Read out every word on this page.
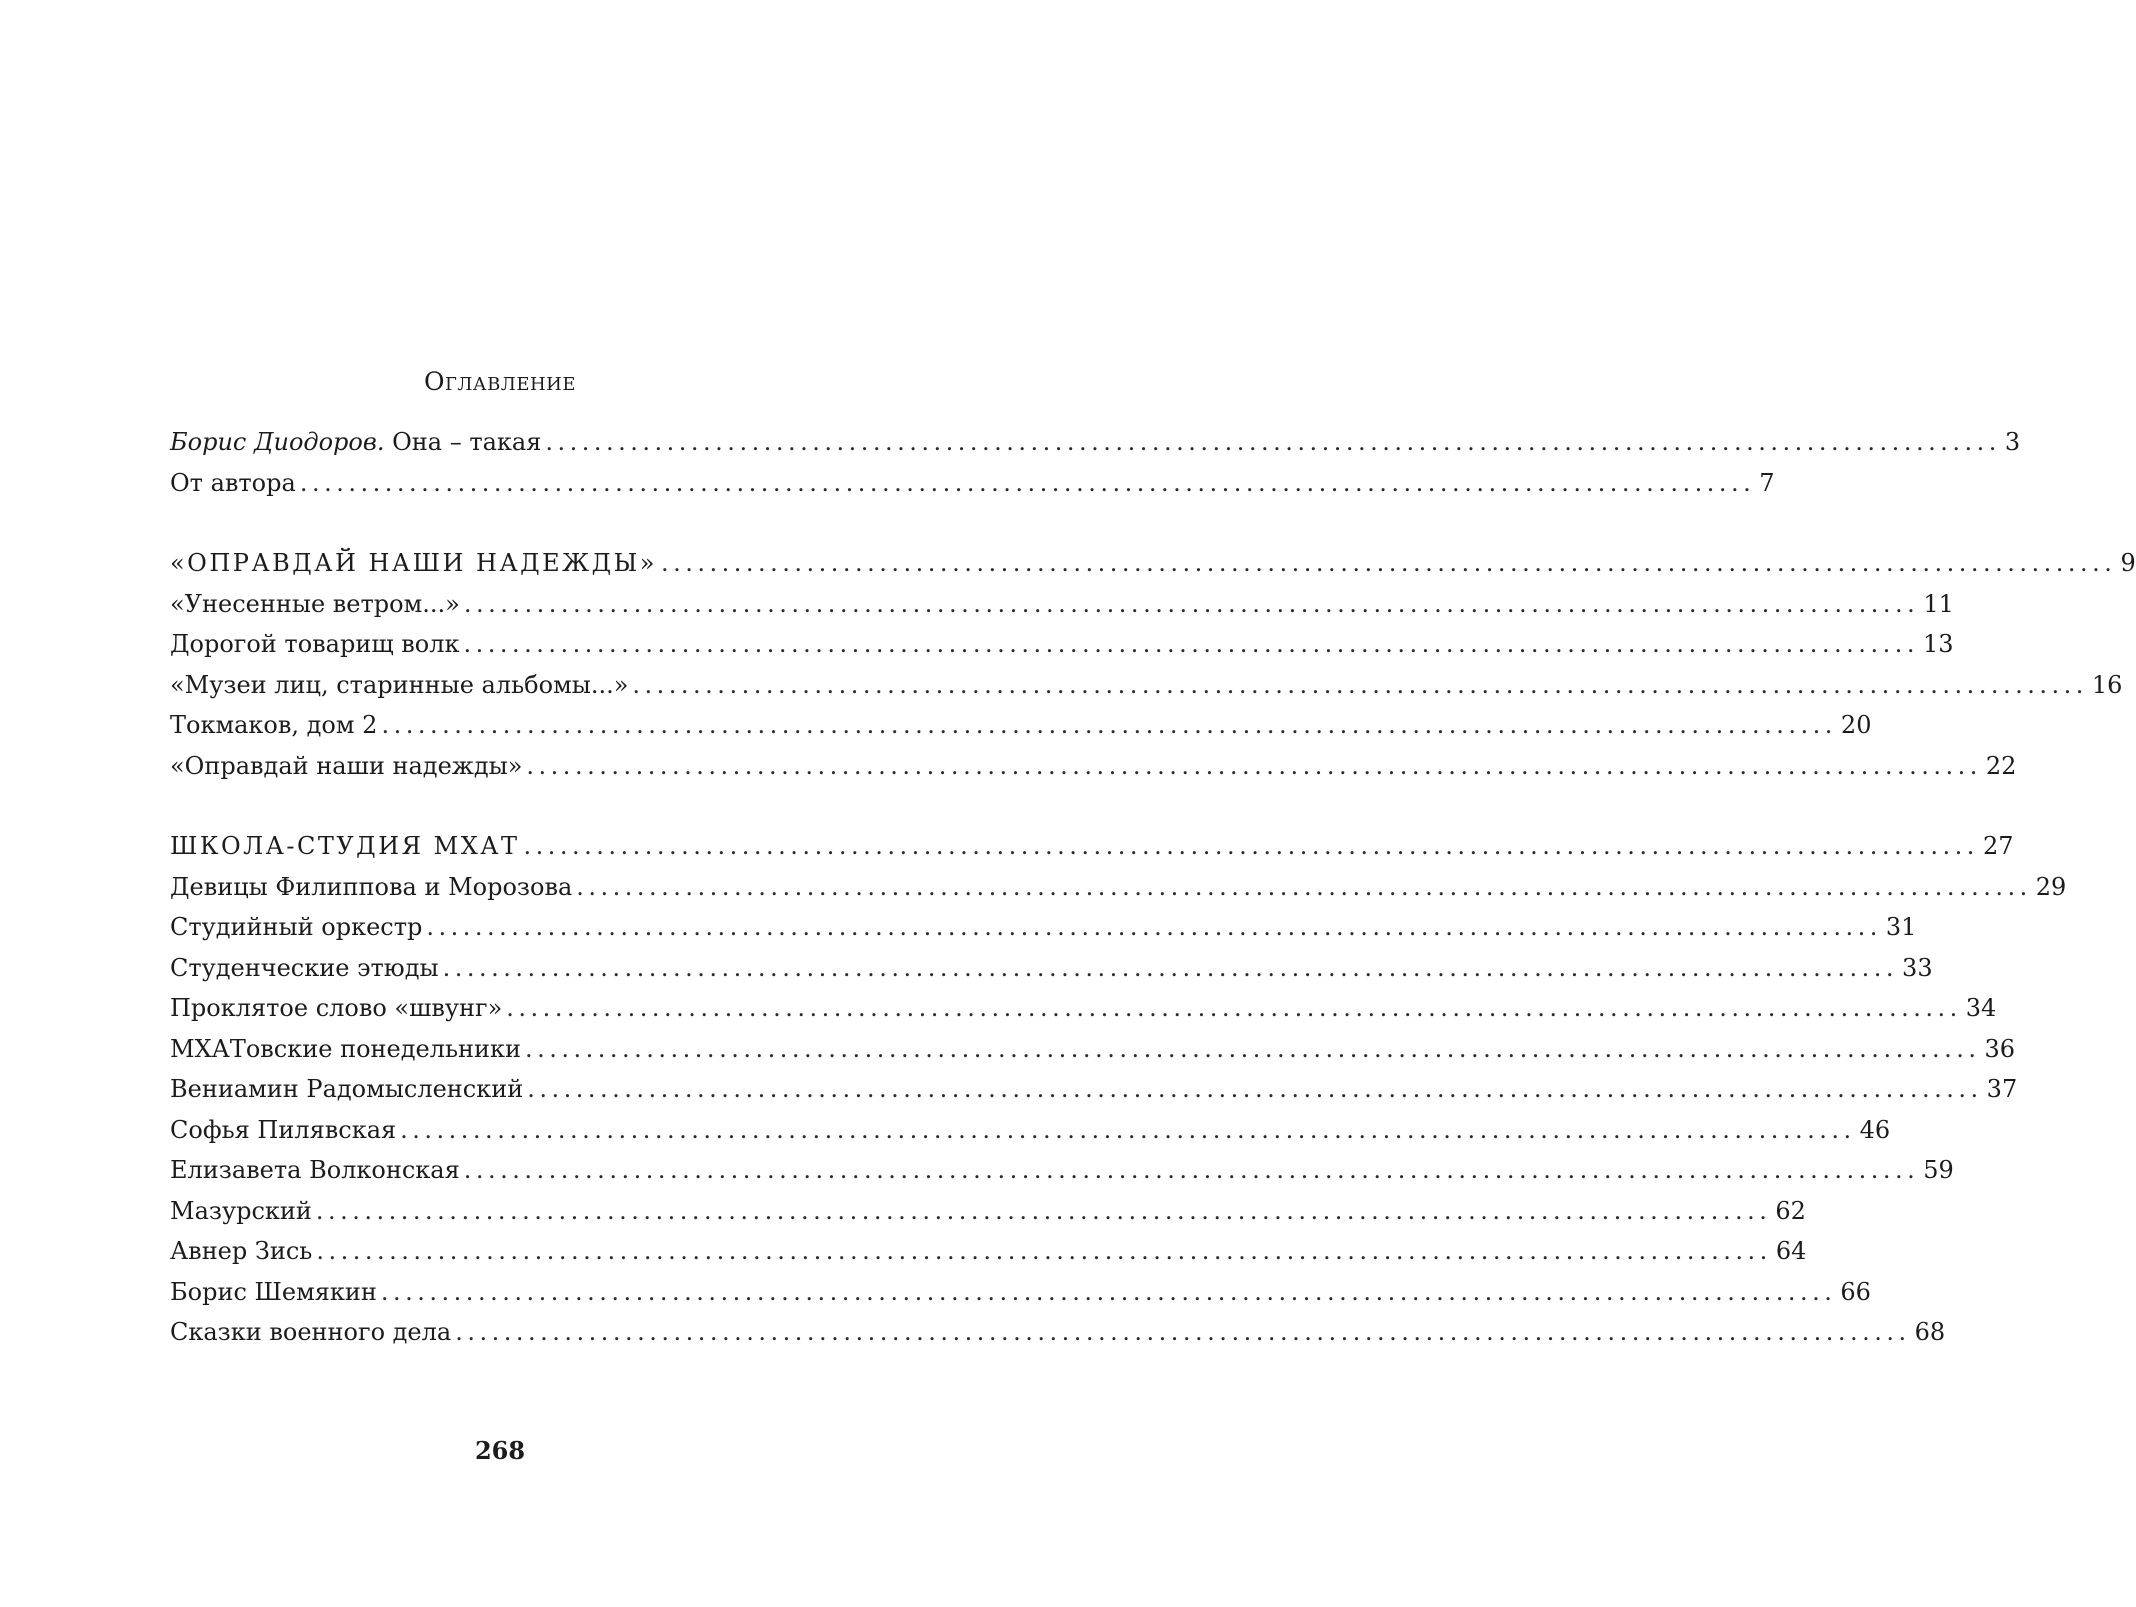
Оглавление
Борис Диодоров. Она – такая ........................................................................................................................ 3
От автора ........................................................................................................................ 7
«ОПРАВДАЙ НАШИ НАДЕЖДЫ» ........................................................................................................................ 9
«Унесенные ветром...» ........................................................................................................................ 11
Дорогой товарищ волк ........................................................................................................................ 13
«Музеи лиц, старинные альбомы...» ........................................................................................................................ 16
Токмаков, дом 2 ........................................................................................................................ 20
«Оправдай наши надежды» ........................................................................................................................ 22
ШКОЛА-СТУДИЯ МХАТ ........................................................................................................................ 27
Девицы Филиппова и Морозова ........................................................................................................................ 29
Студийный оркестр ........................................................................................................................ 31
Студенческие этюды ........................................................................................................................ 33
Проклятое слово «швунг» ........................................................................................................................ 34
МХАТовские понедельники ........................................................................................................................ 36
Вениамин Радомысленский ........................................................................................................................ 37
Софья Пилявская ........................................................................................................................ 46
Елизавета Волконская ........................................................................................................................ 59
Мазурский ........................................................................................................................ 62
Авнер Зись ........................................................................................................................ 64
Борис Шемякин ........................................................................................................................ 66
Сказки военного дела ........................................................................................................................ 68
268
